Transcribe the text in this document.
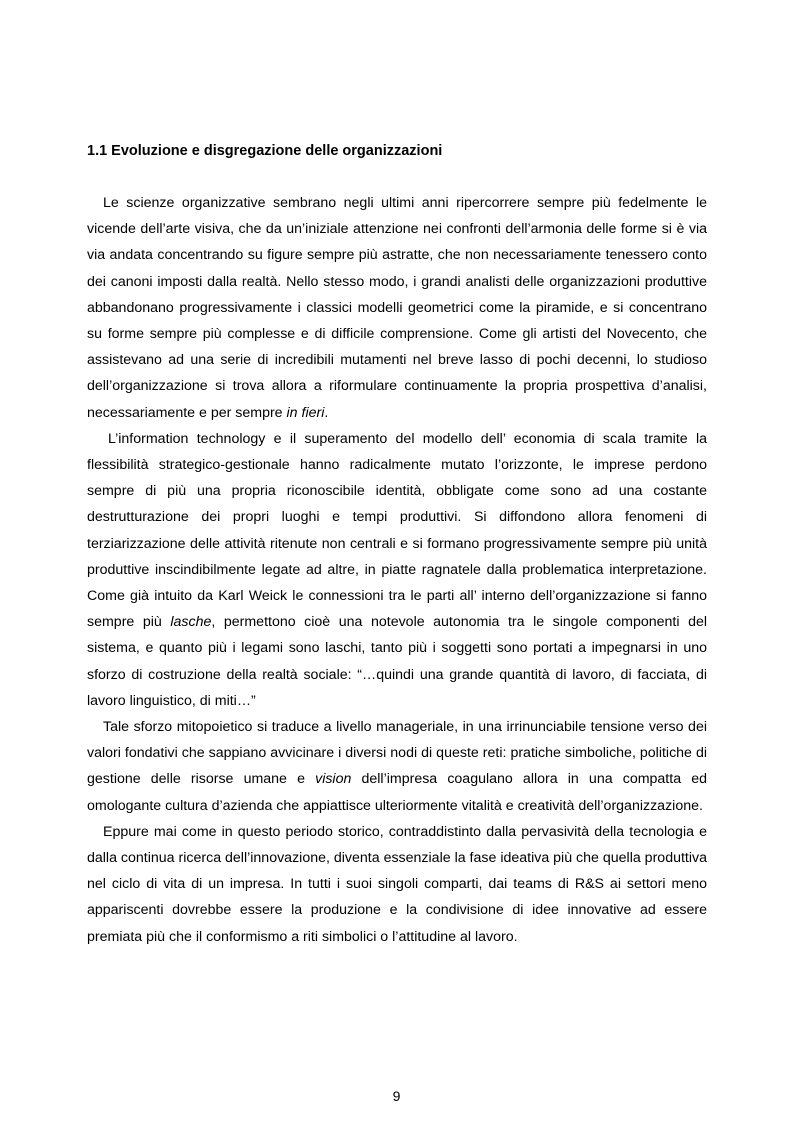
1.1 Evoluzione e disgregazione delle organizzazioni

Le scienze organizzative sembrano negli ultimi anni ripercorrere sempre più fedelmente le vicende dell’arte visiva, che da un’iniziale attenzione nei confronti dell’armonia delle forme si è via via andata concentrando su figure sempre più astratte, che non necessariamente tenessero conto dei canoni imposti dalla realtà. Nello stesso modo, i grandi analisti delle organizzazioni produttive abbandonano progressivamente i classici modelli geometrici come la piramide, e si concentrano su forme sempre più complesse e di difficile comprensione. Come gli artisti del Novecento, che assistevano ad una serie di incredibili mutamenti nel breve lasso di pochi decenni, lo studioso dell’organizzazione si trova allora a riformulare continuamente la propria prospettiva d’analisi, necessariamente e per sempre in fieri.

L’information technology e il superamento del modello dell’ economia di scala tramite la flessibilità strategico-gestionale hanno radicalmente mutato l’orizzonte, le imprese perdono sempre di più una propria riconoscibile identità, obbligate come sono ad una costante destrutturazione dei propri luoghi e tempi produttivi. Si diffondono allora fenomeni di terziarizzazione delle attività ritenute non centrali e si formano progressivamente sempre più unità produttive inscindibilmente legate ad altre, in piatte ragnatele dalla problematica interpretazione. Come già intuito da Karl Weick le connessioni tra le parti all’ interno dell’organizzazione si fanno sempre più lasche, permettono cioè una notevole autonomia tra le singole componenti del sistema, e quanto più i legami sono laschi, tanto più i soggetti sono portati a impegnarsi in uno sforzo di costruzione della realtà sociale: “…quindi una grande quantità di lavoro, di facciata, di lavoro linguistico, di miti…”

Tale sforzo mitopoietico si traduce a livello manageriale, in una irrinunciabile tensione verso dei valori fondativi che sappiano avvicinare i diversi nodi di queste reti: pratiche simboliche, politiche di gestione delle risorse umane e vision dell’impresa coagulano allora in una compatta ed omologante cultura d’azienda che appiattisce ulteriormente vitalità e creatività dell’organizzazione.

Eppure mai come in questo periodo storico, contraddistinto dalla pervasività della tecnologia e dalla continua ricerca dell’innovazione, diventa essenziale la fase ideativa più che quella produttiva nel ciclo di vita di un impresa. In tutti i suoi singoli comparti, dai teams di R&S ai settori meno appariscenti dovrebbe essere la produzione e la condivisione di idee innovative ad essere premiata più che il conformismo a riti simbolici o l’attitudine al lavoro.

9
